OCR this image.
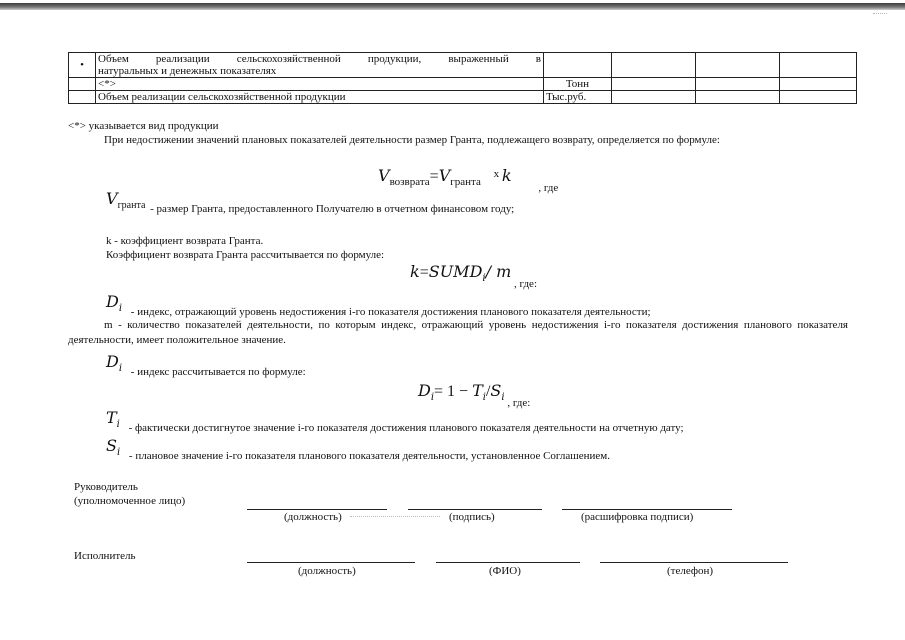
•	Объем реализации сельскохозяйственной продукции, выраженный в
натуральных и денежных показателях				

	<*>	Тонн			
	Объем реализации сельскохозяйственной продукции	Тыс.руб.			
<*> указывается вид продукции
При недостижении значений плановых показателей деятельности размер Гранта, подлежащего возврату, определяется по формуле:
Vвозврата=Vгранта x k , где
Vгранта - размер Гранта, предоставленного Получателю в отчетном финансовом году;
k - коэффициент возврата Гранта.
Коэффициент возврата Гранта рассчитывается по формуле:
k=SUMDi/ m , где:
Di - индекс, отражающий уровень недостижения i-го показателя достижения планового показателя деятельности;
m - количество показателей деятельности, по которым индекс, отражающий уровень недостижения i-го показателя достижения планового показателя деятельности, имеет положительное значение.
Di - индекс рассчитывается по формуле:
Di= 1 − Ti/Si , где:
Ti - фактически достигнутое значение i-го показателя достижения планового показателя деятельности на отчетную дату;
Si - плановое значение i-го показателя планового показателя деятельности, установленное Соглашением.
Руководитель
(уполномоченное лицо)
(должность)	(подпись)	(расшифровка подписи)
Исполнитель
(должность)	(ФИО)	(телефон)
